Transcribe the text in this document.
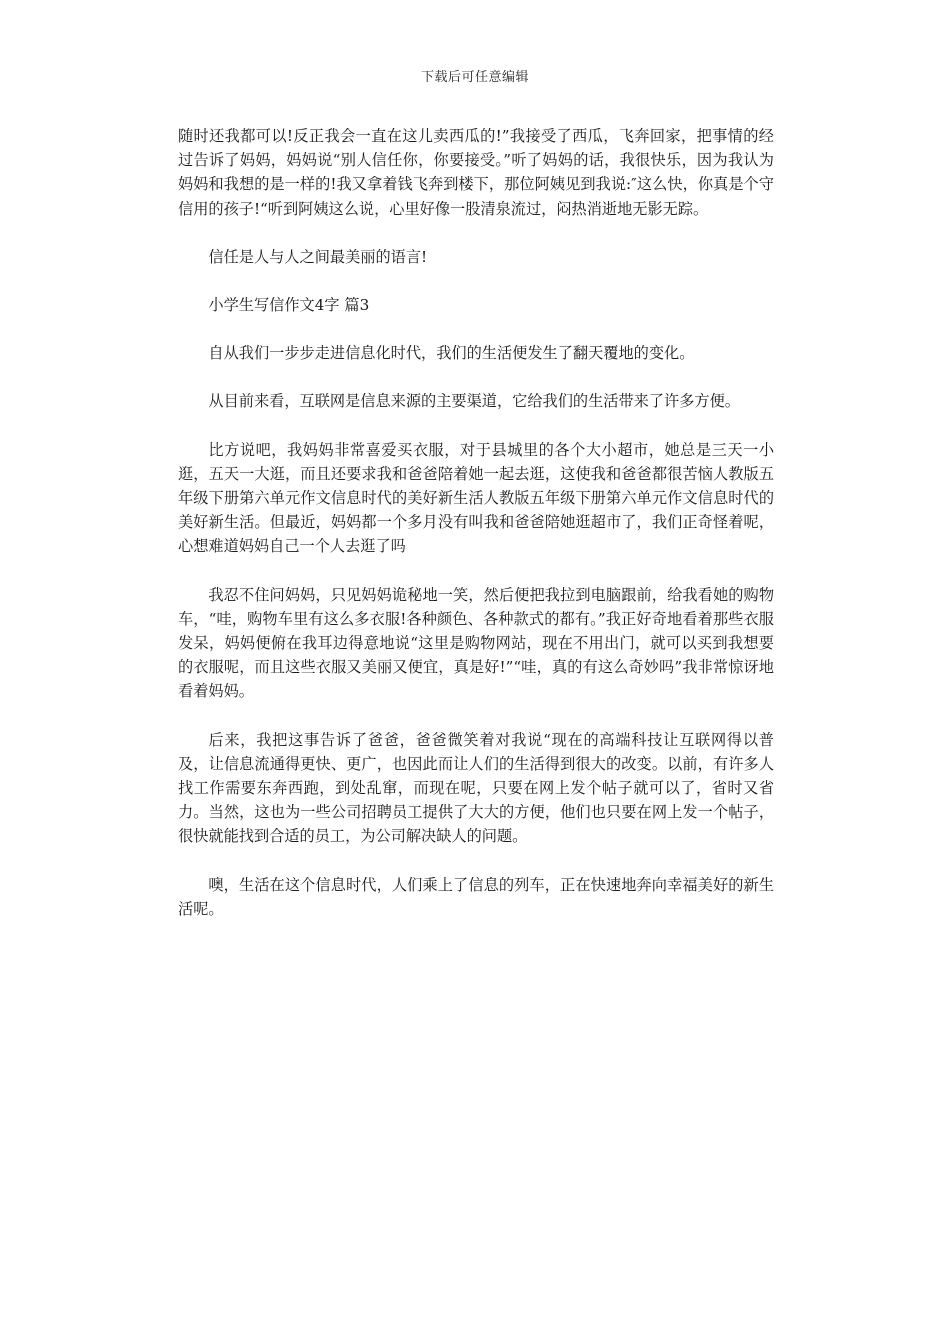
下载后可任意编辑

随时还我都可以!反正我会一直在这儿卖西瓜的!”我接受了西瓜，飞奔回家，把事情的经过告诉了妈妈，妈妈说“别人信任你，你要接受。”听了妈妈的话，我很快乐，因为我认为妈妈和我想的是一样的!我又拿着钱飞奔到楼下，那位阿姨见到我说:″这么快，你真是个守信用的孩子!“听到阿姨这么说，心里好像一股清泉流过，闷热消逝地无影无踪。

信任是人与人之间最美丽的语言!

小学生写信作文4字 篇3

自从我们一步步走进信息化时代，我们的生活便发生了翻天覆地的变化。

从目前来看，互联网是信息来源的主要渠道，它给我们的生活带来了许多方便。

比方说吧，我妈妈非常喜爱买衣服，对于县城里的各个大小超市，她总是三天一小逛，五天一大逛，而且还要求我和爸爸陪着她一起去逛，这使我和爸爸都很苦恼人教版五年级下册第六单元作文信息时代的美好新生活人教版五年级下册第六单元作文信息时代的美好新生活。但最近，妈妈都一个多月没有叫我和爸爸陪她逛超市了，我们正奇怪着呢，心想难道妈妈自己一个人去逛了吗

我忍不住问妈妈，只见妈妈诡秘地一笑，然后便把我拉到电脑跟前，给我看她的购物车，“哇，购物车里有这么多衣服!各种颜色、各种款式的都有。”我正好奇地看着那些衣服发呆，妈妈便俯在我耳边得意地说“这里是购物网站，现在不用出门，就可以买到我想要的衣服呢，而且这些衣服又美丽又便宜，真是好!”“哇，真的有这么奇妙吗”我非常惊讶地看着妈妈。

后来，我把这事告诉了爸爸，爸爸微笑着对我说“现在的高端科技让互联网得以普及，让信息流通得更快、更广，也因此而让人们的生活得到很大的改变。以前，有许多人找工作需要东奔西跑，到处乱窜，而现在呢，只要在网上发个帖子就可以了，省时又省力。当然，这也为一些公司招聘员工提供了大大的方便，他们也只要在网上发一个帖子，很快就能找到合适的员工，为公司解决缺人的问题。

噢，生活在这个信息时代，人们乘上了信息的列车，正在快速地奔向幸福美好的新生活呢。
